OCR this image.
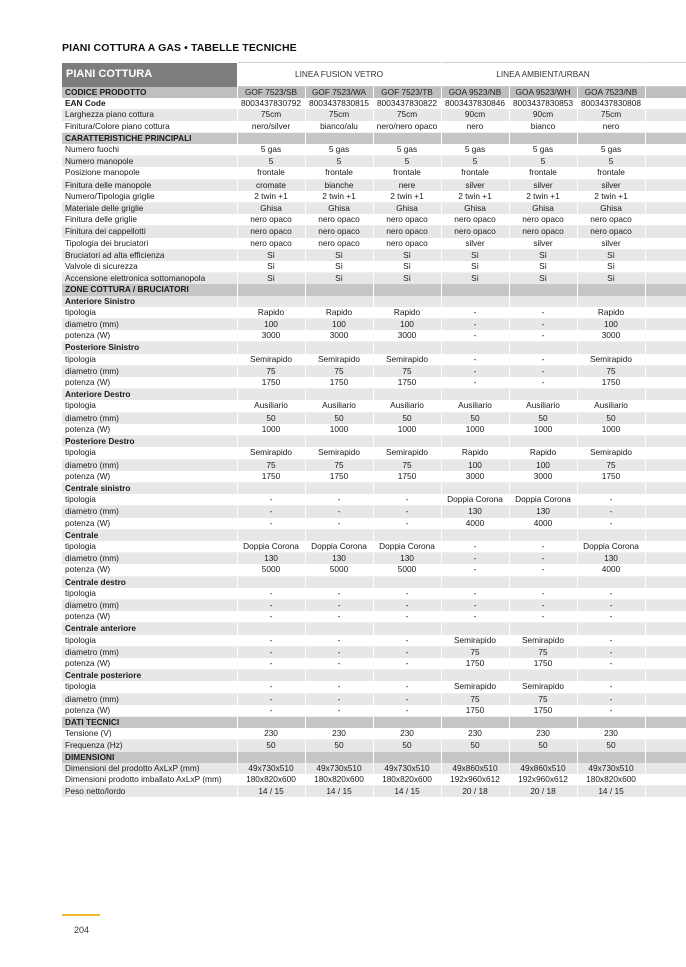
PIANI COTTURA A GAS • TABELLE TECNICHE
PIANI COTTURA	LINEA FUSION VETRO			LINEA AMBIENT/URBAN			
CODICE PRODOTTO	GOF 7523/SB	GOF 7523/WA	GOF 7523/TB	GOA 9523/NB	GOA 9523/WH	GOA 7523/NB	
EAN Code	8003437830792	8003437830815	8003437830822	8003437830846	8003437830853	8003437830808	
Larghezza piano cottura	75cm	75cm	75cm	90cm	90cm	75cm	
Finitura/Colore piano cottura	nero/silver	bianco/alu	nero/nero opaco	nero	bianco	nero	
CARATTERISTICHE PRINCIPALI							
Numero fuochi	5 gas	5 gas	5 gas	5 gas	5 gas	5 gas	
Numero manopole	5	5	5	5	5	5	
Posizione manopole	frontale	frontale	frontale	frontale	frontale	frontale	
Finitura delle manopole	cromate	bianche	nere	silver	silver	silver	
Numero/Tipologia griglie	2 twin +1	2 twin +1	2 twin +1	2 twin +1	2 twin +1	2 twin +1	
Materiale delle griglie	Ghisa	Ghisa	Ghisa	Ghisa	Ghisa	Ghisa	
Finitura delle griglie	nero opaco	nero opaco	nero opaco	nero opaco	nero opaco	nero opaco	
Finitura dei cappellotti	nero opaco	nero opaco	nero opaco	nero opaco	nero opaco	nero opaco	
Tipologia dei bruciatori	nero opaco	nero opaco	nero opaco	silver	silver	silver	
Bruciatori ad alta efficienza	Sì	Sì	Sì	Sì	Sì	Sì	
Valvole di sicurezza	Sì	Sì	Sì	Sì	Sì	Sì	
Accensione elettronica sottomanopola	Sì	Sì	Sì	Sì	Sì	Sì	
ZONE COTTURA / BRUCIATORI							
Anteriore Sinistro							
tipologia	Rapido	Rapido	Rapido	-	-	Rapido	
diametro (mm)	100	100	100	-	-	100	
potenza (W)	3000	3000	3000	-	-	3000	
Posteriore Sinistro							
tipologia	Semirapido	Semirapido	Semirapido	-	-	Semirapido	
diametro (mm)	75	75	75	-	-	75	
potenza (W)	1750	1750	1750	-	-	1750	
Anteriore Destro							
tipologia	Ausiliario	Ausiliario	Ausiliario	Ausiliario	Ausiliario	Ausiliario	
diametro (mm)	50	50	50	50	50	50	
potenza (W)	1000	1000	1000	1000	1000	1000	
Posteriore Destro							
tipologia	Semirapido	Semirapido	Semirapido	Rapido	Rapido	Semirapido	
diametro (mm)	75	75	75	100	100	75	
potenza (W)	1750	1750	1750	3000	3000	1750	
Centrale sinistro							
tipologia	-	-	-	Doppia Corona	Doppia Corona	-	
diametro (mm)	-	-	-	130	130	-	
potenza (W)	-	-	-	4000	4000	-	
Centrale							
tipologia	Doppia Corona	Doppia Corona	Doppia Corona	-	-	Doppia Corona	
diametro (mm)	130	130	130	-	-	130	
potenza (W)	5000	5000	5000	-	-	4000	
Centrale destro							
tipologia	-	-	-	-	-	-	
diametro (mm)	-	-	-	-	-	-	
potenza (W)	-	-	-	-	-	-	
Centrale anteriore							
tipologia	-	-	-	Semirapido	Semirapido	-	
diametro (mm)	-	-	-	75	75	-	
potenza (W)	-	-	-	1750	1750	-	
Centrale posteriore							
tipologia	-	-	-	Semirapido	Semirapido	-	
diametro (mm)	-	-	-	75	75	-	
potenza (W)	-	-	-	1750	1750	-	
DATI TECNICI							
Tensione (V)	230	230	230	230	230	230	
Frequenza (Hz)	50	50	50	50	50	50	
DIMENSIONI							
Dimensioni del prodotto AxLxP (mm)	49x730x510	49x730x510	49x730x510	49x860x510	49x860x510	49x730x510	
Dimensioni prodotto imballato AxLxP (mm)	180x820x600	180x820x600	180x820x600	192x960x612	192x960x612	180x820x600	
Peso netto/lordo	14 / 15	14 / 15	14 / 15	20 / 18	20 / 18	14 / 15	
204
